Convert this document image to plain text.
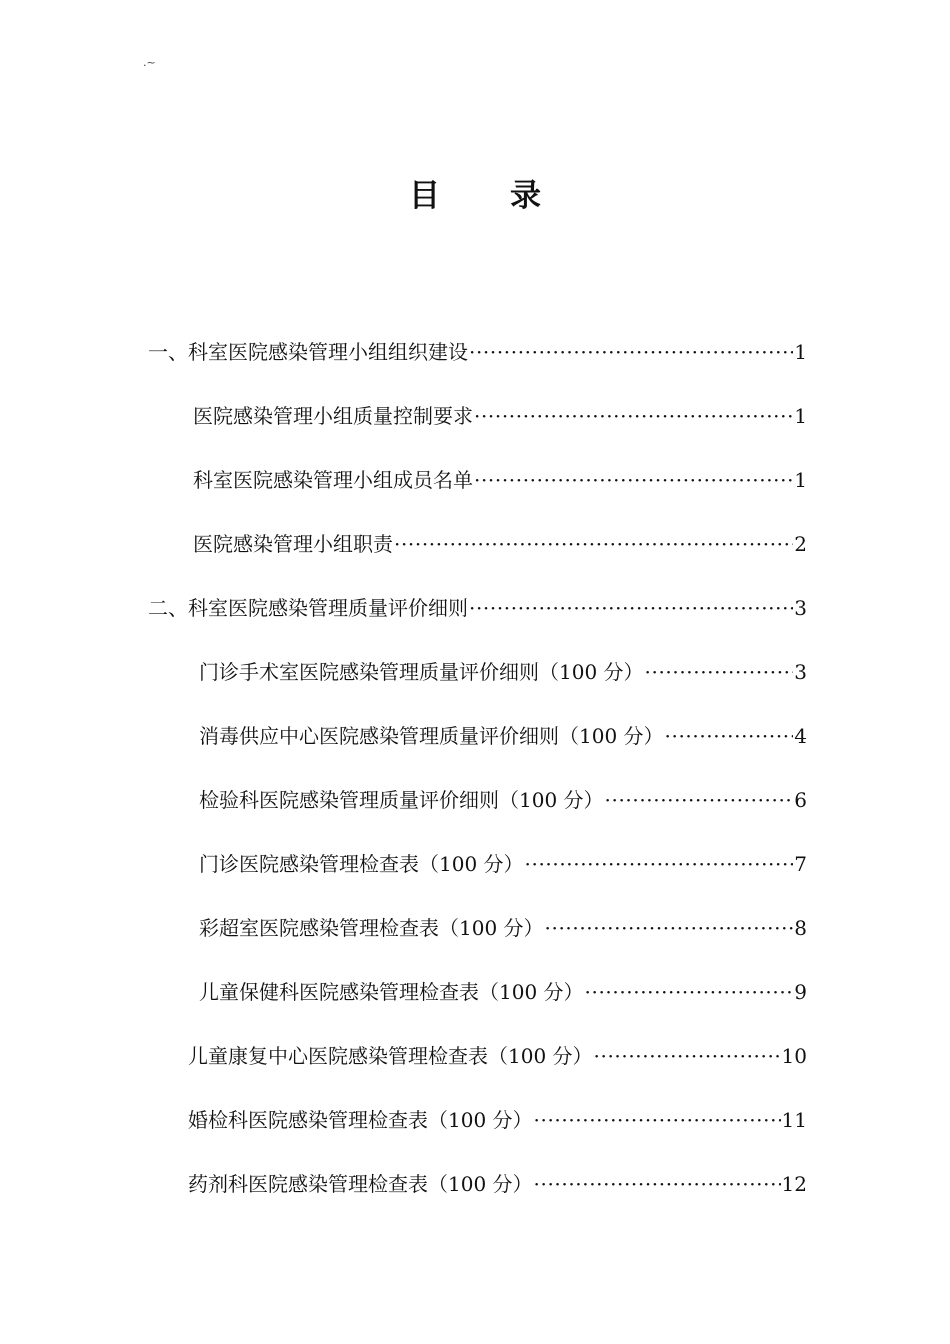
.~
目 录
一、科室医院感染管理小组组织建设 ·····	1
医院感染管理小组质量控制要求 ·····	1
科室医院感染管理小组成员名单 ·····	1
医院感染管理小组职责 ·····	2
二、科室医院感染管理质量评价细则 ·····	3
门诊手术室医院感染管理质量评价细则（100 分） ·····	3
消毒供应中心医院感染管理质量评价细则（100 分） ·····	4
检验科医院感染管理质量评价细则（100 分） ·····	6
门诊医院感染管理检查表（100 分） ·····	7
彩超室医院感染管理检查表（100 分） ·····	8
儿童保健科医院感染管理检查表（100 分） ·····	9
儿童康复中心医院感染管理检查表（100 分） ·····	10
婚检科医院感染管理检查表（100 分） ·····	11
药剂科医院感染管理检查表（100 分） ·····	12
